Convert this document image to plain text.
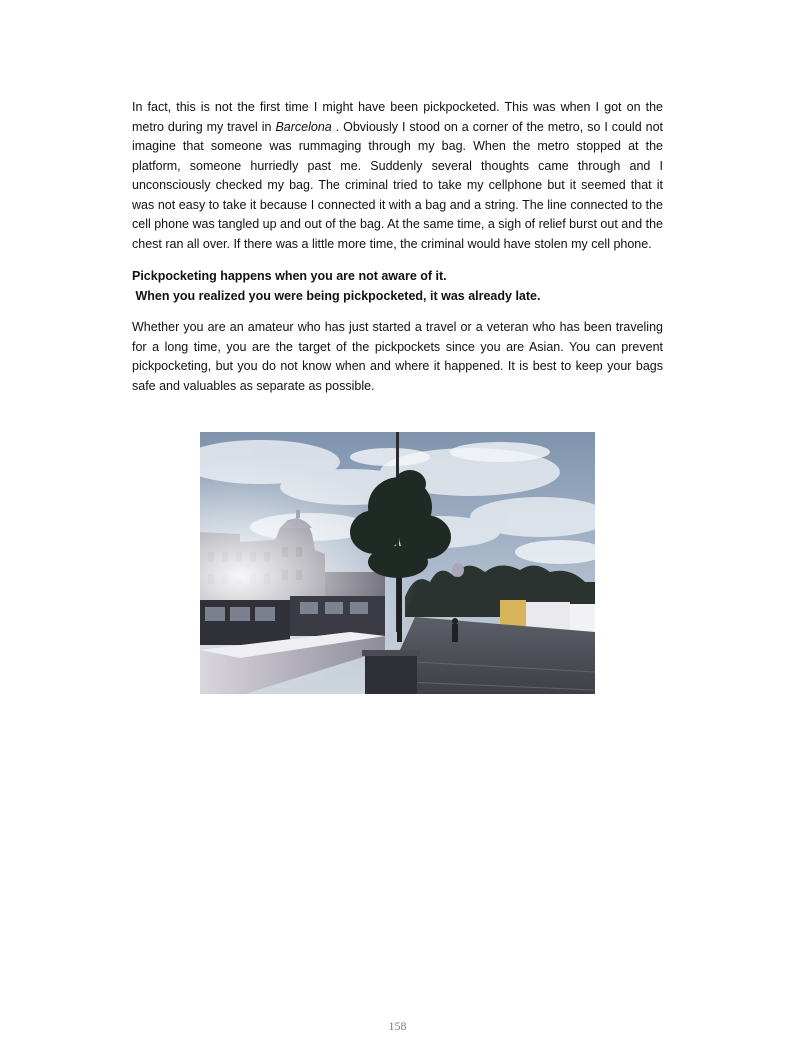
In fact, this is not the first time I might have been pickpocketed. This was when I got on the metro during my travel in Barcelona . Obviously I stood on a corner of the metro, so I could not imagine that someone was rummaging through my bag. When the metro stopped at the platform, someone hurriedly past me. Suddenly several thoughts came through and I unconsciously checked my bag. The criminal tried to take my cellphone but it seemed that it was not easy to take it because I connected it with a bag and a string. The line connected to the cell phone was tangled up and out of the bag. At the same time, a sigh of relief burst out and the chest ran all over. If there was a little more time, the criminal would have stolen my cell phone.

Pickpocketing happens when you are not aware of it.
When you realized you were being pickpocketed, it was already late.

Whether you are an amateur who has just started a travel or a veteran who has been traveling for a long time, you are the target of the pickpockets since you are Asian. You can prevent pickpocketing, but you do not know when and where it happened. It is best to keep your bags safe and valuables as separate as possible.

158
